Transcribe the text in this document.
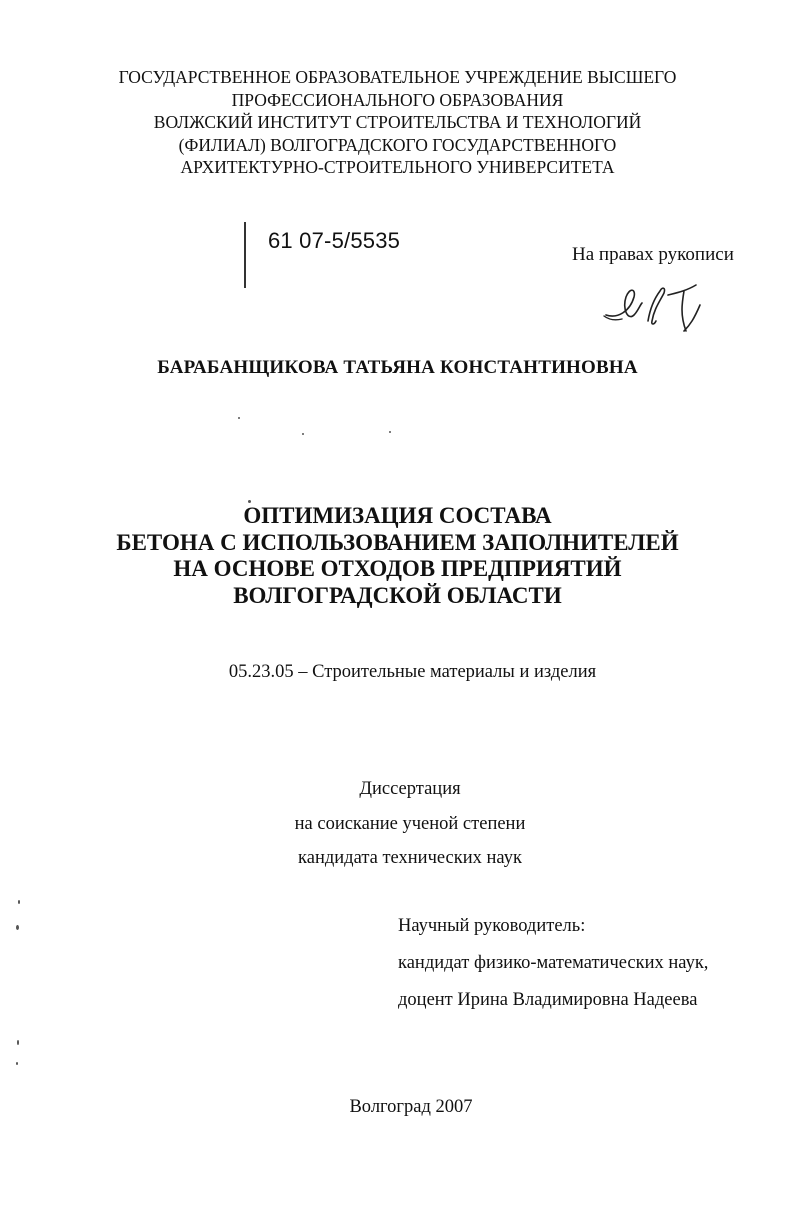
ГОСУДАРСТВЕННОЕ ОБРАЗОВАТЕЛЬНОЕ УЧРЕЖДЕНИЕ ВЫСШЕГО
ПРОФЕССИОНАЛЬНОГО ОБРАЗОВАНИЯ
ВОЛЖСКИЙ ИНСТИТУТ СТРОИТЕЛЬСТВА И ТЕХНОЛОГИЙ
(ФИЛИАЛ) ВОЛГОГРАДСКОГО ГОСУДАРСТВЕННОГО
АРХИТЕКТУРНО-СТРОИТЕЛЬНОГО УНИВЕРСИТЕТА
61 07-5/5535
На правах рукописи
БАРАБАНЩИКОВА ТАТЬЯНА КОНСТАНТИНОВНА
ОПТИМИЗАЦИЯ СОСТАВА
БЕТОНА С ИСПОЛЬЗОВАНИЕМ ЗАПОЛНИТЕЛЕЙ
НА ОСНОВЕ ОТХОДОВ ПРЕДПРИЯТИЙ
ВОЛГОГРАДСКОЙ ОБЛАСТИ
05.23.05 – Строительные материалы и изделия
Диссертация
на соискание ученой степени
кандидата технических наук
Научный руководитель:
кандидат физико-математических наук,
доцент Ирина Владимировна Надеева
Волгоград 2007
